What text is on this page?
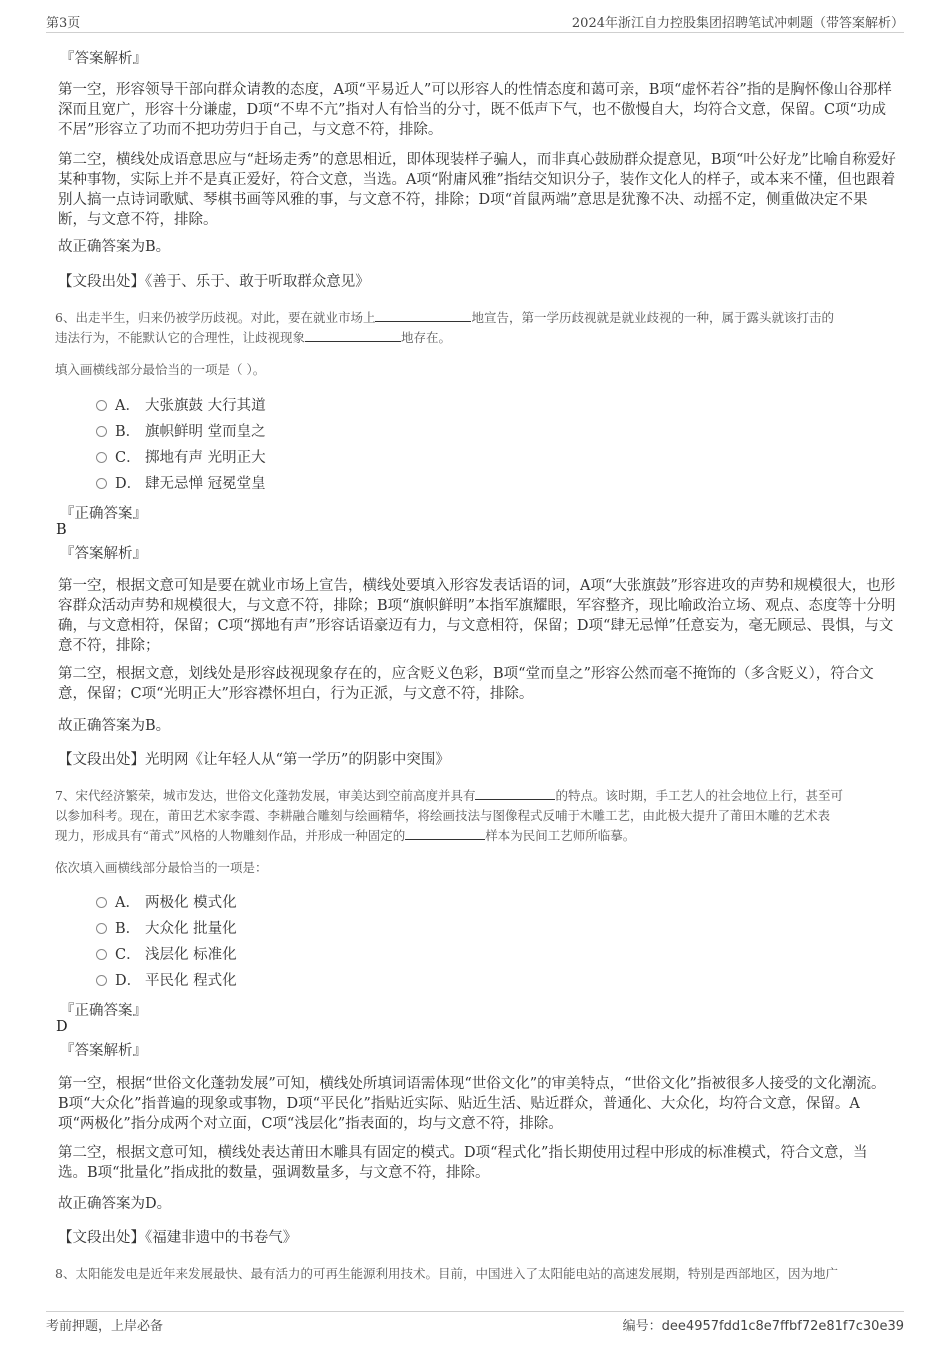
第3页	2024年浙江自力控股集团招聘笔试冲刺题（带答案解析）
『答案解析』
第一空，形容领导干部向群众请教的态度，A项“平易近人”可以形容人的性情态度和蔼可亲，B项“虚怀若谷”指的是胸怀像山谷那样深而且宽广，形容十分谦虚，D项“不卑不亢”指对人有恰当的分寸，既不低声下气，也不傲慢自大，均符合文意，保留。C项“功成不居”形容立了功而不把功劳归于自己，与文意不符，排除。
第二空，横线处成语意思应与“赶场走秀”的意思相近，即体现装样子骗人，而非真心鼓励群众提意见，B项“叶公好龙”比喻自称爱好某种事物，实际上并不是真正爱好，符合文意，当选。A项“附庸风雅”指结交知识分子，装作文化人的样子，或本来不懂，但也跟着别人搞一点诗词歌赋、琴棋书画等风雅的事，与文意不符，排除；D项“首鼠两端”意思是犹豫不决、动摇不定，侧重做决定不果断，与文意不符，排除。
故正确答案为B。
【文段出处】《善于、乐于、敢于听取群众意见》
6、出走半生，归来仍被学历歧视。对此，要在就业市场上	地宣告，第一学历歧视就是就业歧视的一种，属于露头就该打击的
违法行为，不能默认它的合理性，让歧视现象	地存在。
填入画横线部分最恰当的一项是（ ）。
A． 大张旗鼓 大行其道
B． 旗帜鲜明 堂而皇之
C． 掷地有声 光明正大
D． 肆无忌惮 冠冕堂皇
『正确答案』
B
『答案解析』
第一空，根据文意可知是要在就业市场上宣告，横线处要填入形容发表话语的词，A项“大张旗鼓”形容进攻的声势和规模很大，也形容群众活动声势和规模很大，与文意不符，排除；B项“旗帜鲜明”本指军旗耀眼，军容整齐，现比喻政治立场、观点、态度等十分明确，与文意相符，保留；C项“掷地有声”形容话语豪迈有力，与文意相符，保留；D项“肆无忌惮”任意妄为，毫无顾忌、畏惧，与文意不符，排除；
第二空，根据文意，划线处是形容歧视现象存在的，应含贬义色彩，B项“堂而皇之”形容公然而毫不掩饰的（多含贬义），符合文意，保留；C项“光明正大”形容襟怀坦白，行为正派，与文意不符，排除。
故正确答案为B。
【文段出处】光明网《让年轻人从“第一学历”的阴影中突围》
7、宋代经济繁荣，城市发达，世俗文化蓬勃发展，审美达到空前高度并具有	的特点。该时期，手工艺人的社会地位上行，甚至可
以参加科考。现在，莆田艺术家李霞、李耕融合雕刻与绘画精华，将绘画技法与图像程式反哺于木雕工艺，由此极大提升了莆田木雕的艺术表
现力，形成具有“莆式”风格的人物雕刻作品，并形成一种固定的	样本为民间工艺师所临摹。
依次填入画横线部分最恰当的一项是：
A． 两极化 模式化
B． 大众化 批量化
C． 浅层化 标准化
D． 平民化 程式化
『正确答案』
D
『答案解析』
第一空，根据“世俗文化蓬勃发展”可知，横线处所填词语需体现“世俗文化”的审美特点，“世俗文化”指被很多人接受的文化潮流。B项“大众化”指普遍的现象或事物，D项“平民化”指贴近实际、贴近生活、贴近群众，普通化、大众化，均符合文意，保留。A项“两极化”指分成两个对立面，C项“浅层化”指表面的，均与文意不符，排除。
第二空，根据文意可知，横线处表达莆田木雕具有固定的模式。D项“程式化”指长期使用过程中形成的标准模式，符合文意，当选。B项“批量化”指成批的数量，强调数量多，与文意不符，排除。
故正确答案为D。
【文段出处】《福建非遗中的书卷气》
8、太阳能发电是近年来发展最快、最有活力的可再生能源利用技术。目前，中国进入了太阳能电站的高速发展期，特别是西部地区，因为地广
考前押题，上岸必备	编号：dee4957fdd1c8e7ffbf72e81f7c30e39
